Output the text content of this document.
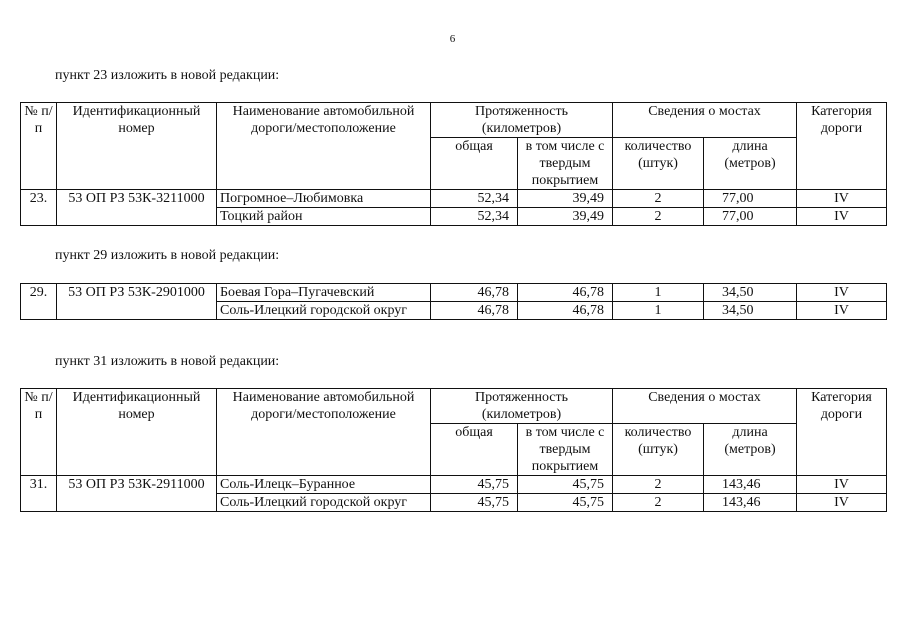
6
пункт 23 изложить в новой редакции:
№ п/п	Идентификационный номер	Наименование автомобильной дороги/местоположение	Протяженность (километров)		Сведения о мостах		Категория дороги
			общая	в том числе с твердым покрытием	количество (штук)	длина (метров)	
23.	53 ОП РЗ 53К-3211000	Погромное–Любимовка	52,34	39,49	2	77,00	IV
		Тоцкий район	52,34	39,49	2	77,00	IV
пункт 29 изложить в новой редакции:
29.	53 ОП РЗ 53К-2901000	Боевая Гора–Пугачевский	46,78	46,78	1	34,50	IV
		Соль-Илецкий городской округ	46,78	46,78	1	34,50	IV
пункт 31 изложить в новой редакции:
№ п/п	Идентификационный номер	Наименование автомобильной дороги/местоположение	Протяженность (километров)		Сведения о мостах		Категория дороги
			общая	в том числе с твердым покрытием	количество (штук)	длина (метров)	
31.	53 ОП РЗ 53К-2911000	Соль-Илецк–Буранное	45,75	45,75	2	143,46	IV
		Соль-Илецкий городской округ	45,75	45,75	2	143,46	IV
